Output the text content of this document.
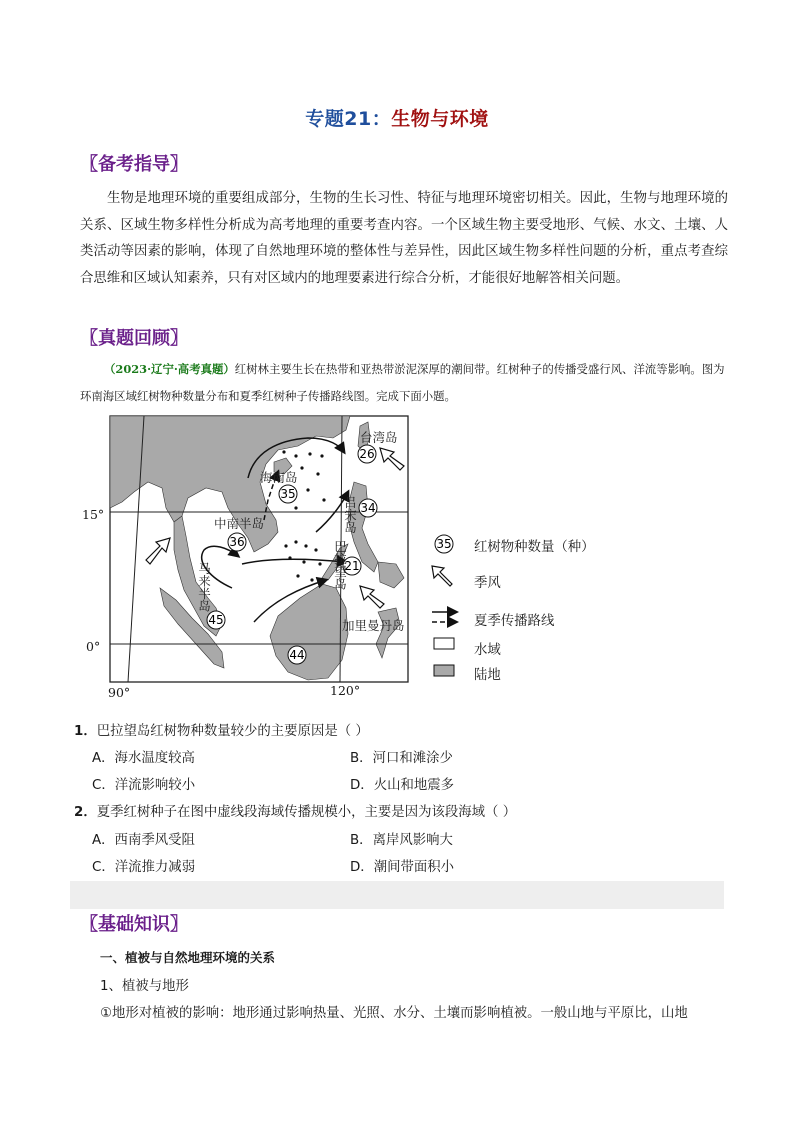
专题21：生物与环境
〖备考指导〗
生物是地理环境的重要组成部分，生物的生长习性、特征与地理环境密切相关。因此，生物与地理环境的关系、区域生物多样性分析成为高考地理的重要考查内容。一个区域生物主要受地形、气候、水文、土壤、人类活动等因素的影响，体现了自然地理环境的整体性与差异性，因此区域生物多样性问题的分析，重点考查综合思维和区域认知素养，只有对区域内的地理要素进行综合分析，才能很好地解答相关问题。
〖真题回顾〗
（2023·辽宁·高考真题）红树林主要生长在热带和亚热带淤泥深厚的潮间带。红树种子的传播受盛行风、洋流等影响。图为环南海区域红树物种数量分布和夏季红树种子传播路线图。完成下面小题。
26
35
34
36
21
45
44
台湾岛
海南岛
中南半岛
加里曼丹岛
吕宋岛
巴拉望岛
马来半岛
15°
0°
90°	120°
35 红树物种数量（种）
季风
夏季传播路线
水域
陆地
1．巴拉望岛红树物种数量较少的主要原因是（ ）
A．海水温度较高	B．河口和滩涂少
C．洋流影响较小	D．火山和地震多
2．夏季红树种子在图中虚线段海域传播规模小，主要是因为该段海域（ ）
A．西南季风受阻	B．离岸风影响大
C．洋流推力减弱	D．潮间带面积小
〖基础知识〗
一、植被与自然地理环境的关系
1、植被与地形
①地形对植被的影响：地形通过影响热量、光照、水分、土壤而影响植被。一般山地与平原比，山地
